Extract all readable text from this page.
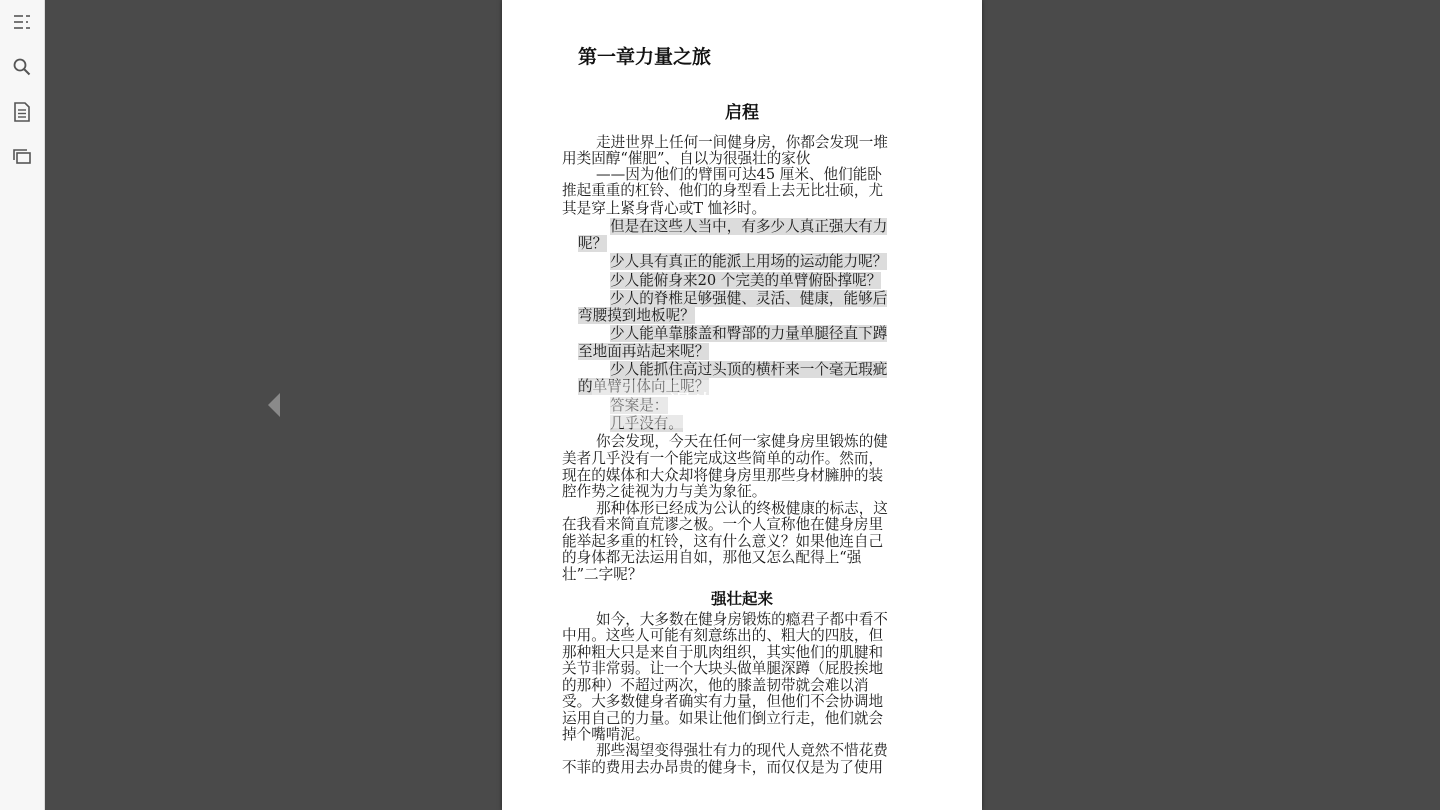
第一章力量之旅
启程
强壮起来
走进世界上任何一间健身房，你都会发现一堆
用类固醇“催肥”、自以为很强壮的家伙
——因为他们的臂围可达45 厘米、他们能卧
推起重重的杠铃、他们的身型看上去无比壮硕，尤
其是穿上紧身背心或T 恤衫时。
但是在这些人当中，有多少人真正强大有力
呢？
少人具有真正的能派上用场的运动能力呢？
少人能俯身来20 个完美的单臂俯卧撑呢？
少人的脊椎足够强健、灵活、健康，能够后
弯腰摸到地板呢？
少人能单靠膝盖和臀部的力量单腿径直下蹲
至地面再站起来呢？
少人能抓住高过头顶的横杆来一个毫无瑕疵
的单臂引体向上呢？
答案是：
几乎没有。
你会发现，今天在任何一家健身房里锻炼的健
美者几乎没有一个能完成这些简单的动作。然而，
现在的媒体和大众却将健身房里那些身材臃肿的装
腔作势之徒视为力与美为象征。
那种体形已经成为公认的终极健康的标志，这
在我看来简直荒谬之极。一个人宣称他在健身房里
能举起多重的杠铃，这有什么意义？如果他连自己
的身体都无法运用自如，那他又怎么配得上“强
壮”二字呢？
如今，大多数在健身房锻炼的瘾君子都中看不
中用。这些人可能有刻意练出的、粗大的四肢，但
那种粗大只是来自于肌肉组织，其实他们的肌腱和
关节非常弱。让一个大块头做单腿深蹲（屁股挨地
的那种）不超过两次，他的膝盖韧带就会难以消
受。大多数健身者确实有力量，但他们不会协调地
运用自己的力量。如果让他们倒立行走，他们就会
掉个嘴啃泥。
那些渴望变得强壮有力的现代人竟然不惜花费
不菲的费用去办昂贵的健身卡，而仅仅是为了使用
退出全屏
